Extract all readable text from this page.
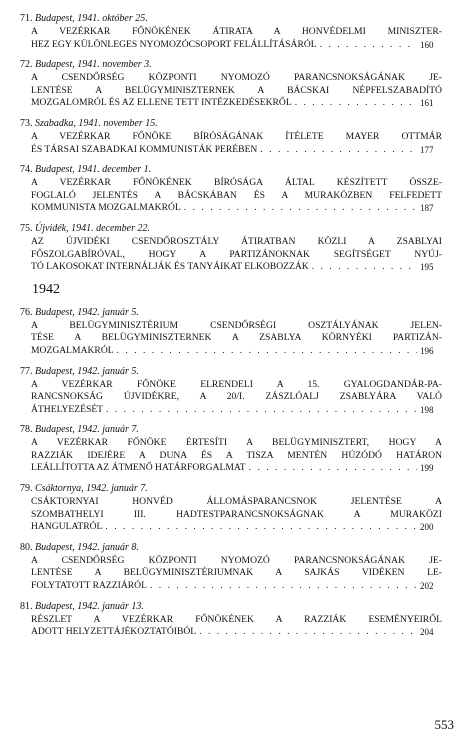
71. Budapest, 1941. október 25.
A VEZÉRKAR FŐNÖKÉNEK ÁTIRATA A HONVÉDELMI MINISZTER-
HEZ EGY KÜLÖNLEGES NYOMOZÓCSOPORT FELÁLLÍTÁSÁRÓL . . .	160
72. Budapest, 1941. november 3.
A CSENDŐRSÉG KÖZPONTI NYOMOZÓ PARANCSNOKSÁGÁNAK JE-
LENTÉSE A BELÜGYMINISZTERNEK A BÁCSKAI NÉPFELSZABADÍTÓ
MOZGALOMRÓL ÉS AZ ELLENE TETT INTÉZKEDÉSEKRŐL . . .	161
73. Szabadka, 1941. november 15.
A VEZÉRKAR FŐNÖKE BÍRÓSÁGÁNAK ÍTÉLETE MAYER OTTMÁR
ÉS TÁRSAI SZABADKAI KOMMUNISTÁK PERÉBEN . . .	177
74. Budapest, 1941. december 1.
A VEZÉRKAR FŐNÖKÉNEK BÍRÓSÁGA ÁLTAL KÉSZÍTETT ÖSSZE-
FOGLALÓ JELENTÉS A BÁCSKÁBAN ÉS A MURAKÖZBEN FELFEDETT
KOMMUNISTA MOZGALMAKRÓL . . .	187
75. Újvidék, 1941. december 22.
AZ ÚJVIDÉKI CSENDŐROSZTÁLY ÁTIRATBAN KÖZLI A ZSABLYAI
FŐSZOLGABÍRÓVAL, HOGY A PARTIZÁNOKNAK SEGÍTSÉGET NYÚJ-
TÓ LAKOSOKAT INTERNÁLJÁK ÉS TANYÁIKAT ELKOBOZZÁK . . .	195
1942
76. Budapest, 1942. január 5.
A BELÜGYMINISZTÉRIUM CSENDŐRSÉGI OSZTÁLYÁNAK JELEN-
TÉSE A BELÜGYMINISZTERNEK A ZSABLYA KÖRNYÉKI PARTIZÁN-
MOZGALMAKRÓL . . .	196
77. Budapest, 1942. január 5.
A VEZÉRKAR FŐNÖKE ELRENDELI A 15. GYALOGDANDÁR-PA-
RANCSNOKSÁG ÚJVIDÉKRE, A 20/I. ZÁSZLÓALJ ZSABLYÁRA VALÓ
ÁTHELYEZÉSÉT . . .	198
78. Budapest, 1942. január 7.
A VEZÉRKAR FŐNÖKE ÉRTESÍTI A BELÜGYMINISZTERT, HOGY A
RAZZIÁK IDEJÉRE A DUNA ÉS A TISZA MENTÉN HÚZÓDÓ HATÁRON
LEÁLLÍTOTTA AZ ÁTMENŐ HATÁRFORGALMAT . . .	199
79. Csáktornya, 1942. január 7.
CSÁKTORNYAI HONVÉD ÁLLOMÁSPARANCSNOK JELENTÉSE A
SZOMBATHELYI III. HADTESTPARANCSNOKSÁGNAK A MURAKÖZI
HANGULATRÓL . . .	200
80. Budapest, 1942. január 8.
A CSENDŐRSÉG KÖZPONTI NYOMOZÓ PARANCSNOKSÁGÁNAK JE-
LENTÉSE A BELÜGYMINISZTÉRIUMNAK A SAJKÁS VIDÉKEN LE-
FOLYTATOTT RAZZIÁRÓL . . .	202
81. Budapest, 1942. január 13.
RÉSZLET A VEZÉRKAR FŐNÖKÉNEK A RAZZIÁK ESEMÉNYEIRŐL
ADOTT HELYZETTÁJÉKOZTATÓIBÓL . . .	204
553
